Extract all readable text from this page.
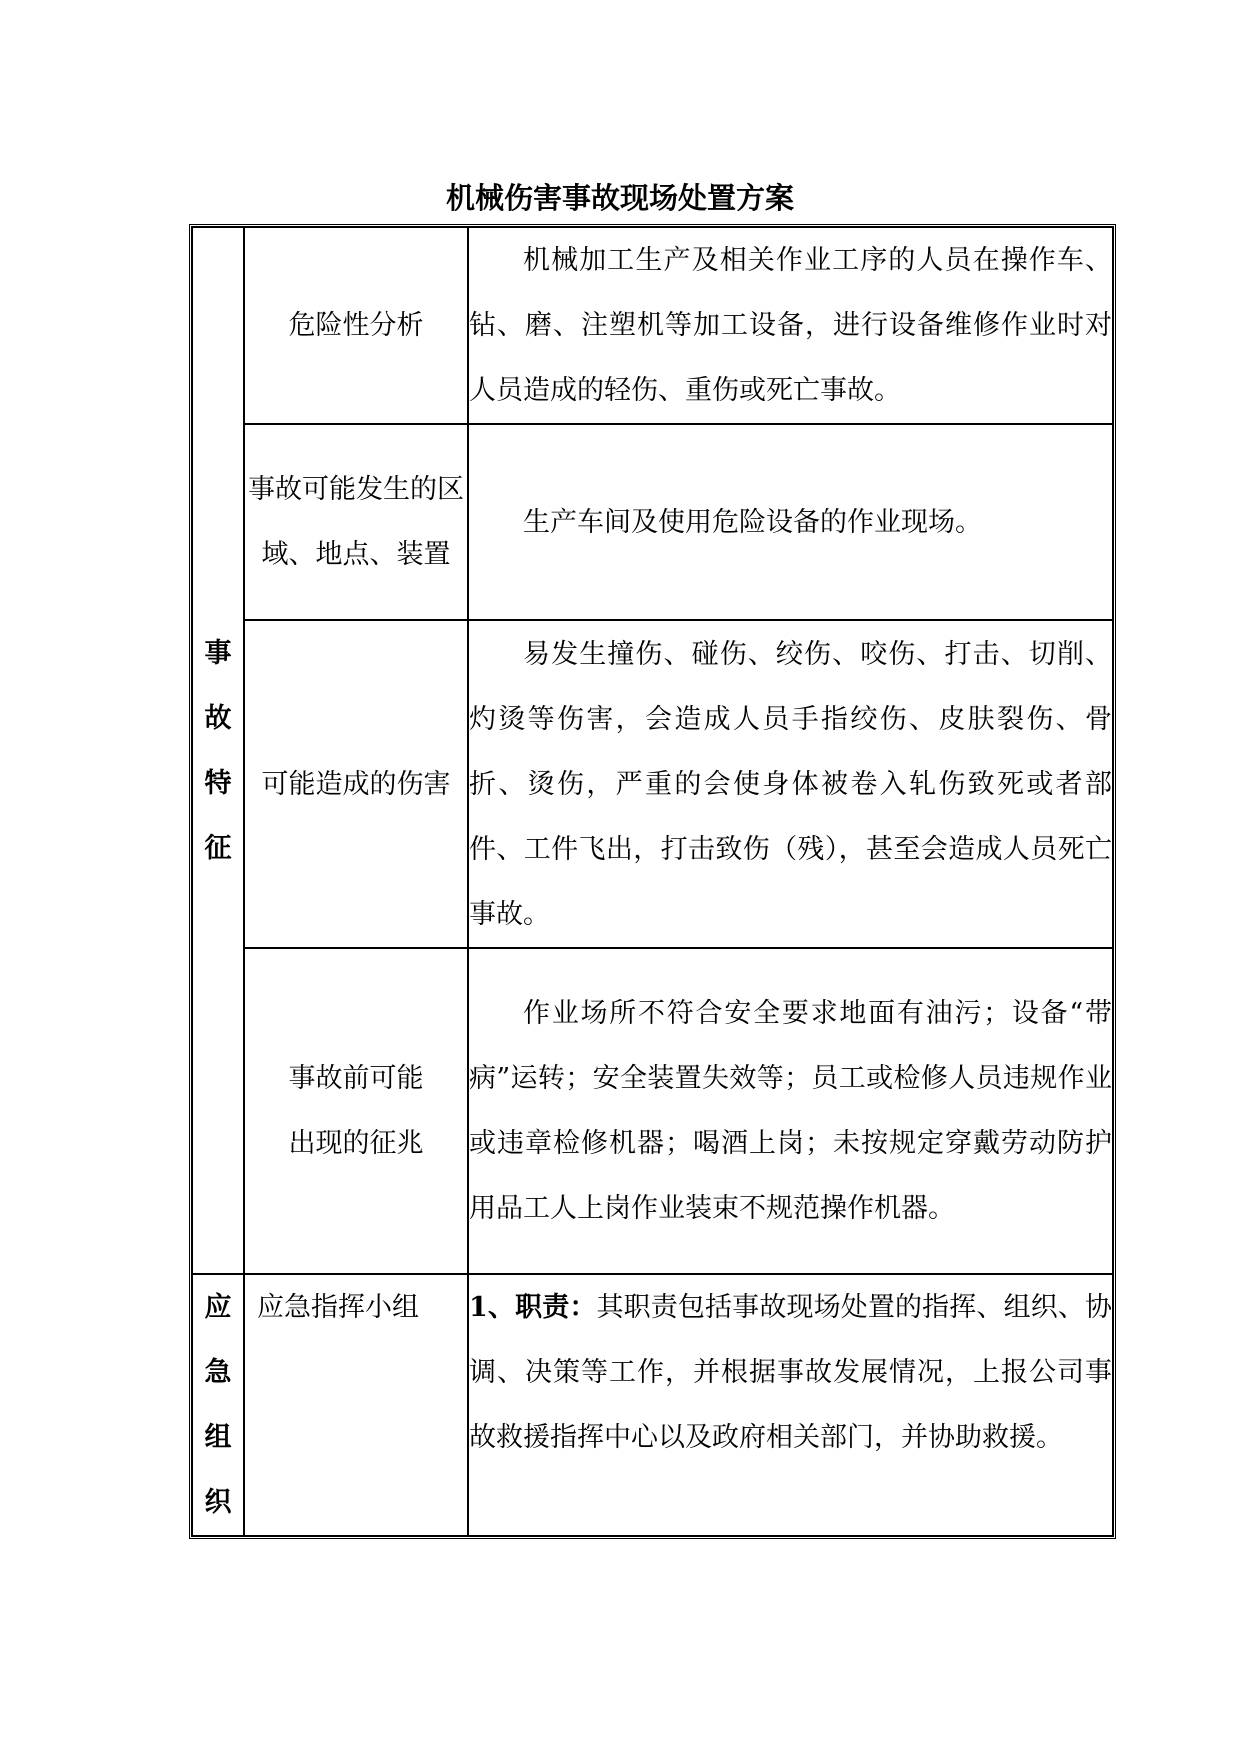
机械伤害事故现场处置方案
事故特征	危险性分析	机械加工生产及相关作业工序的人员在操作车、钻、磨、注塑机等加工设备，进行设备维修作业时对人员造成的轻伤、重伤或死亡事故。

	事故可能发生的区域、地点、装置	生产车间及使用危险设备的作业现场。

	可能造成的伤害	易发生撞伤、碰伤、绞伤、咬伤、打击、切削、灼烫等伤害，会造成人员手指绞伤、皮肤裂伤、骨折、烫伤，严重的会使身体被卷入轧伤致死或者部件、工件飞出，打击致伤（残），甚至会造成人员死亡事故。

	事故前可能出现的征兆	作业场所不符合安全要求地面有油污；设备“带病”运转；安全装置失效等；员工或检修人员违规作业或违章检修机器；喝酒上岗；未按规定穿戴劳动防护用品工人上岗作业装束不规范操作机器。

应急组织	应急指挥小组	1、职责：其职责包括事故现场处置的指挥、组织、协调、决策等工作，并根据事故发展情况，上报公司事故救援指挥中心以及政府相关部门，并协助救援。
